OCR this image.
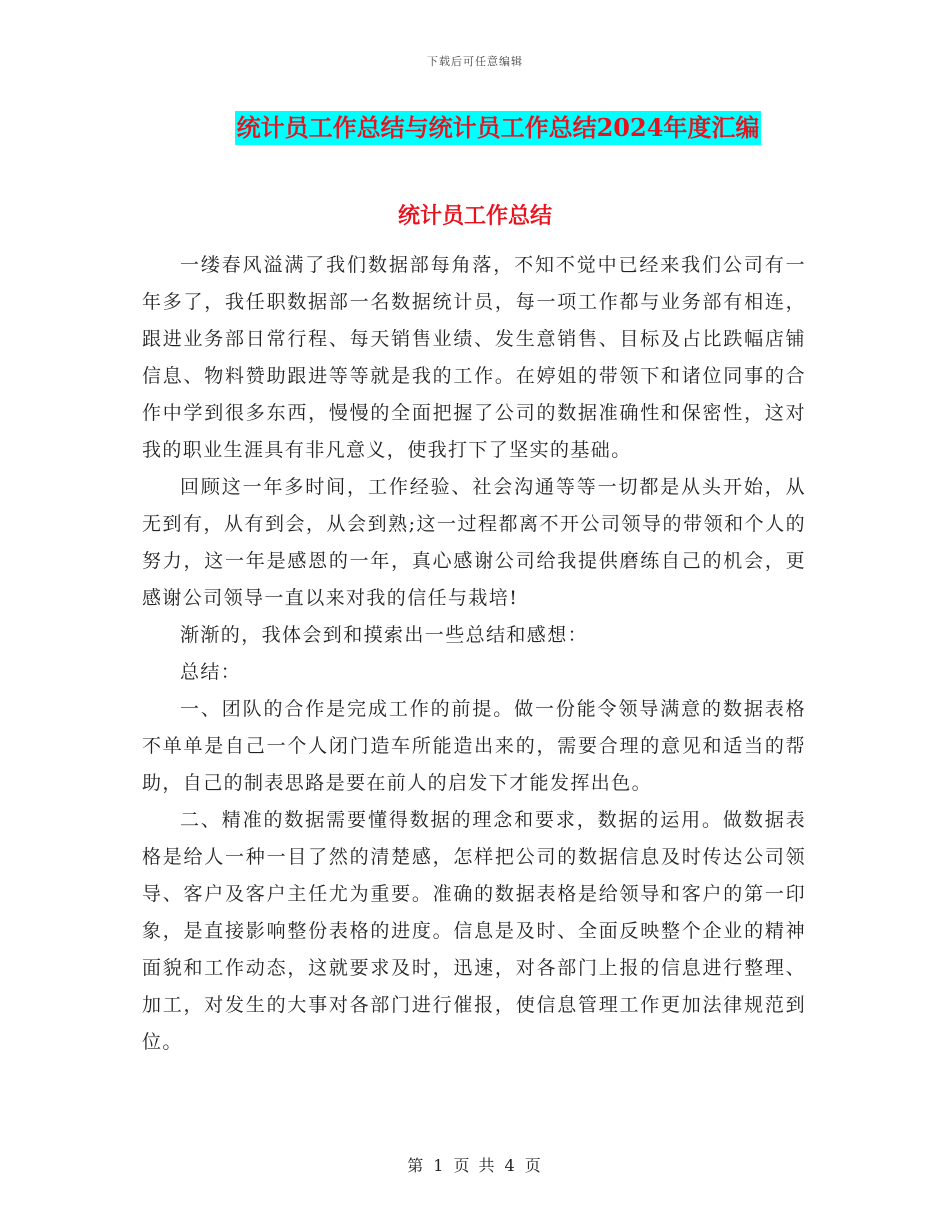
下载后可任意编辑
统计员工作总结与统计员工作总结2024年度汇编
统计员工作总结

一缕春风溢满了我们数据部每角落，不知不觉中已经来我们公司有一年多了，我任职数据部一名数据统计员，每一项工作都与业务部有相连，跟进业务部日常行程、每天销售业绩、发生意销售、目标及占比跌幅店铺信息、物料赞助跟进等等就是我的工作。在婷姐的带领下和诸位同事的合作中学到很多东西，慢慢的全面把握了公司的数据准确性和保密性，这对我的职业生涯具有非凡意义，使我打下了坚实的基础。

回顾这一年多时间，工作经验、社会沟通等等一切都是从头开始，从无到有，从有到会，从会到熟;这一过程都离不开公司领导的带领和个人的努力，这一年是感恩的一年，真心感谢公司给我提供磨练自己的机会，更感谢公司领导一直以来对我的信任与栽培!

渐渐的，我体会到和摸索出一些总结和感想：

总结：

一、团队的合作是完成工作的前提。做一份能令领导满意的数据表格不单单是自己一个人闭门造车所能造出来的，需要合理的意见和适当的帮助，自己的制表思路是要在前人的启发下才能发挥出色。

二、精准的数据需要懂得数据的理念和要求，数据的运用。做数据表格是给人一种一目了然的清楚感，怎样把公司的数据信息及时传达公司领导、客户及客户主任尤为重要。准确的数据表格是给领导和客户的第一印象，是直接影响整份表格的进度。信息是及时、全面反映整个企业的精神面貌和工作动态，这就要求及时，迅速，对各部门上报的信息进行整理、加工，对发生的大事对各部门进行催报，使信息管理工作更加法律规范到位。

第 1 页 共 4 页
